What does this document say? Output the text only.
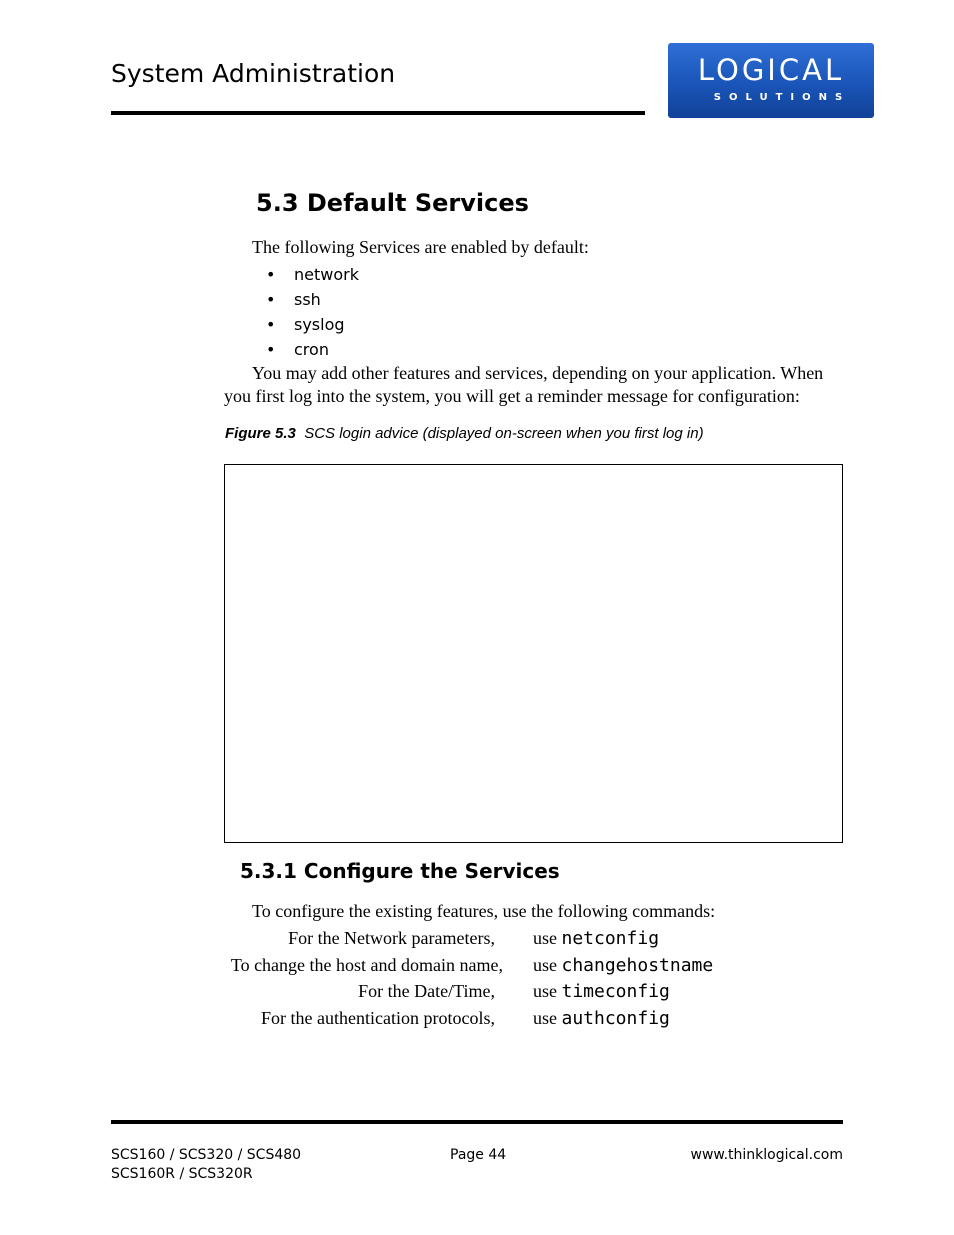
System Administration	LOGICAL
SOLUTIONS
5.3 Default Services
The following Services are enabled by default:
• network
• ssh
• syslog
• cron
You may add other features and services, depending on your application. When you first log into the system, you will get a reminder message for configuration:
Figure 5.3 SCS login advice (displayed on-screen when you first log in)
5.3.1 Configure the Services
To configure the existing features, use the following commands:
For the Network parameters, use netconfig
To change the host and domain name, use changehostname
For the Date/Time, use timeconfig
For the authentication protocols, use authconfig
SCS160 / SCS320 / SCS480
SCS160R / SCS320R
Page 44	www.thinklogical.com
